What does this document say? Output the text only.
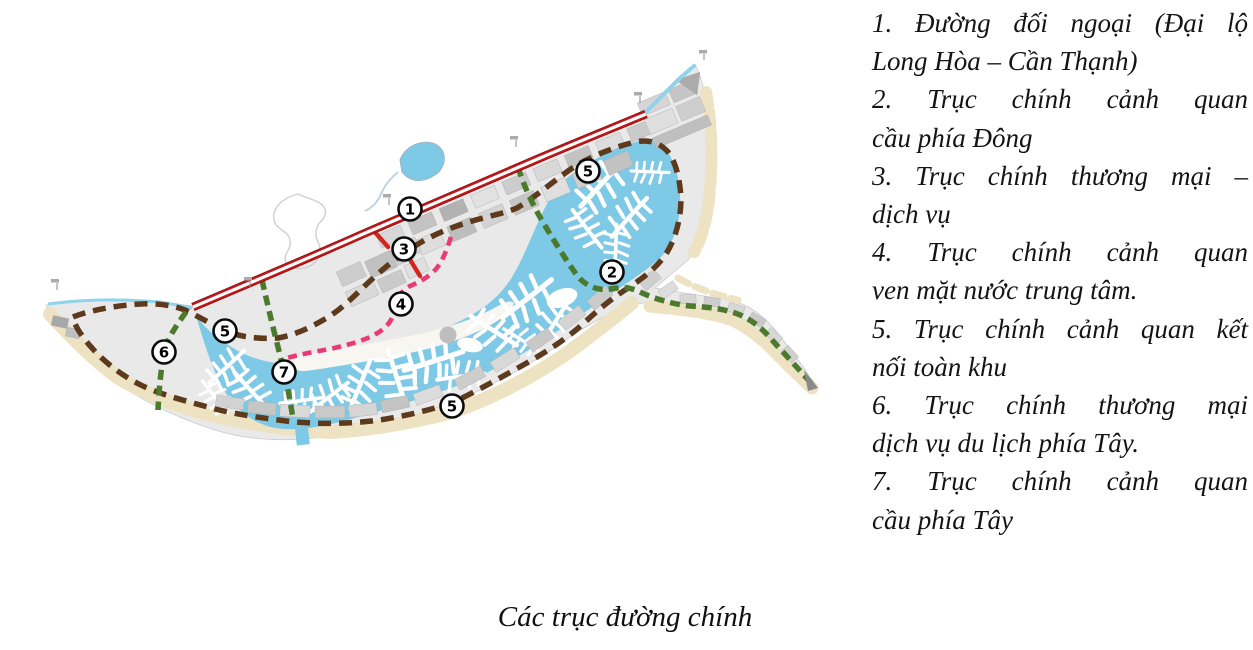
1
5
3
2
4
5
6
7
5
1. Đường đối ngoại (Đại lộ
Long Hòa – Cần Thạnh)
2. Trục chính cảnh quan
cầu phía Đông
3. Trục chính thương mại –
dịch vụ
4. Trục chính cảnh quan
ven mặt nước trung tâm.
5. Trục chính cảnh quan kết
nối toàn khu
6. Trục chính thương mại
dịch vụ du lịch phía Tây.
7. Trục chính cảnh quan
cầu phía Tây
Các trục đường chính
